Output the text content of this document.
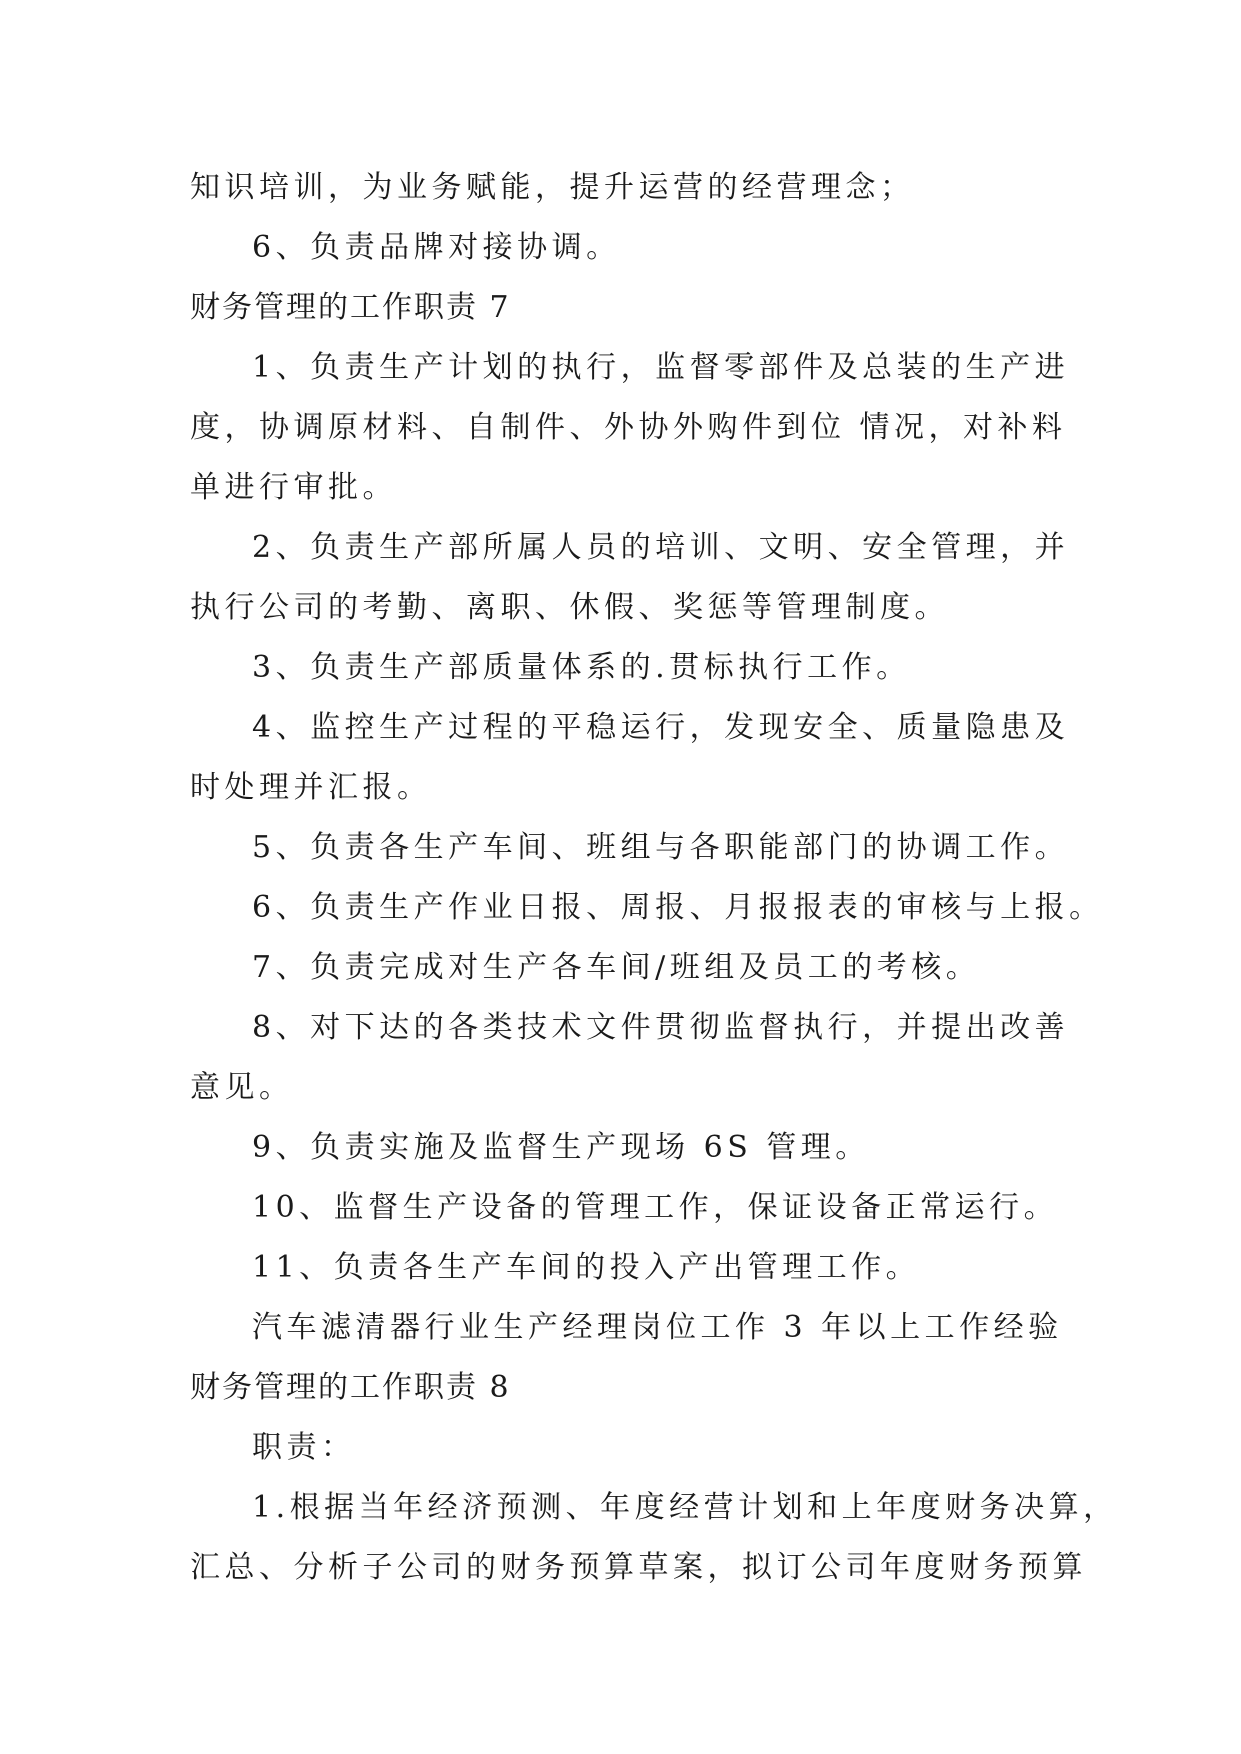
知识培训，为业务赋能，提升运营的经营理念；
6、负责品牌对接协调。
财务管理的工作职责 7
1、负责生产计划的执行，监督零部件及总装的生产进
度，协调原材料、自制件、外协外购件到位 情况，对补料
单进行审批。
2、负责生产部所属人员的培训、文明、安全管理，并
执行公司的考勤、离职、休假、奖惩等管理制度。
3、负责生产部质量体系的.贯标执行工作。
4、监控生产过程的平稳运行，发现安全、质量隐患及
时处理并汇报。
5、负责各生产车间、班组与各职能部门的协调工作。
6、负责生产作业日报、周报、月报报表的审核与上报。
7、负责完成对生产各车间/班组及员工的考核。
8、对下达的各类技术文件贯彻监督执行，并提出改善
意见。
9、负责实施及监督生产现场 6S 管理。
10、监督生产设备的管理工作，保证设备正常运行。
11、负责各生产车间的投入产出管理工作。
汽车滤清器行业生产经理岗位工作 3 年以上工作经验
财务管理的工作职责 8
职责：
1.根据当年经济预测、年度经营计划和上年度财务决算，
汇总、分析子公司的财务预算草案，拟订公司年度财务预算
